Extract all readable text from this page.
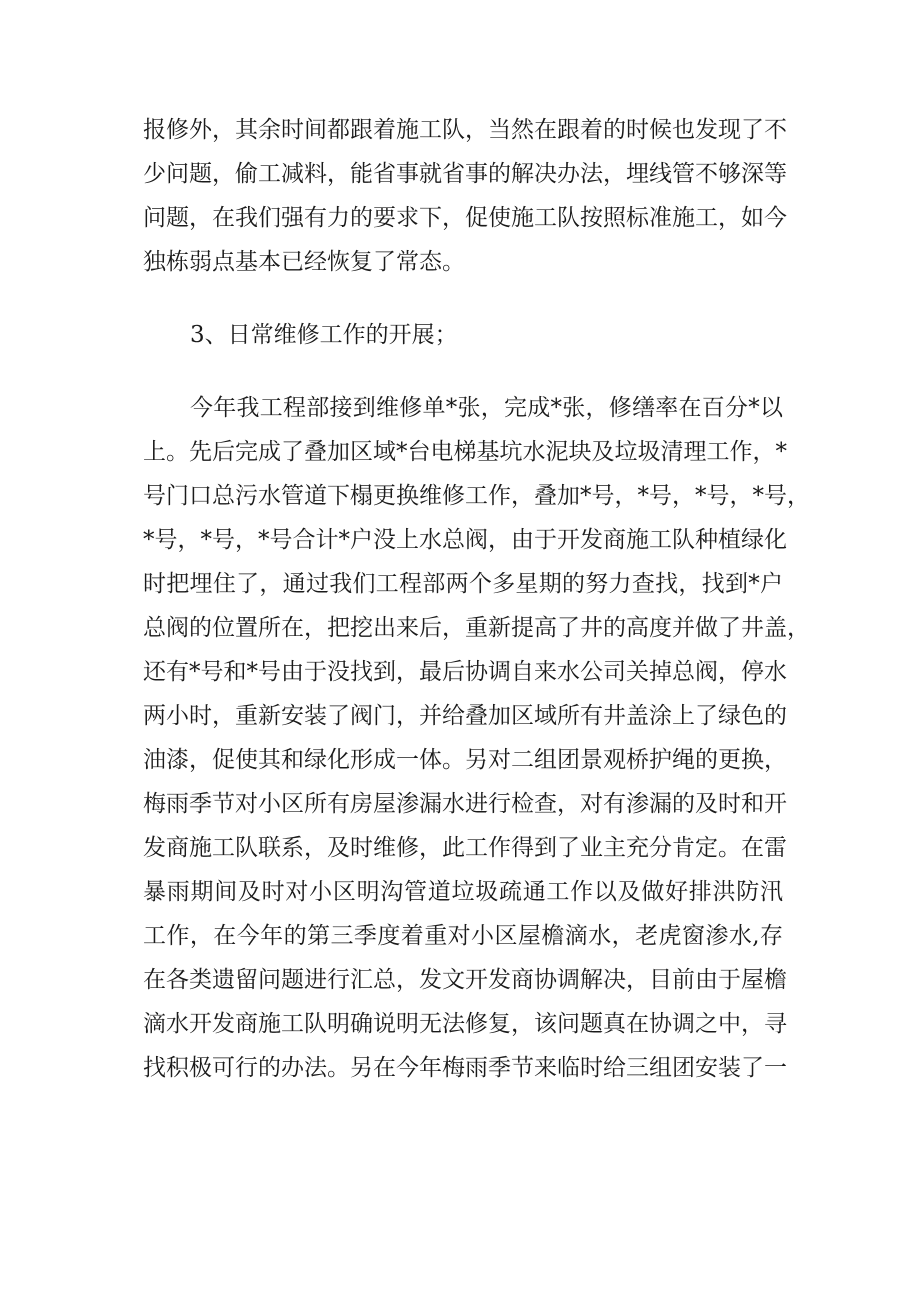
报修外，其余时间都跟着施工队，当然在跟着的时候也发现了不
少问题，偷工减料，能省事就省事的解决办法，埋线管不够深等
问题，在我们强有力的要求下，促使施工队按照标准施工，如今
独栋弱点基本已经恢复了常态。
3、日常维修工作的开展；
今年我工程部接到维修单*张，完成*张，修缮率在百分*以
上。先后完成了叠加区域*台电梯基坑水泥块及垃圾清理工作，*
号门口总污水管道下榻更换维修工作，叠加*号，*号，*号，*号，
*号，*号，*号合计*户没上水总阀，由于开发商施工队种植绿化
时把埋住了，通过我们工程部两个多星期的努力查找，找到*户
总阀的位置所在，把挖出来后，重新提高了井的高度并做了井盖，
还有*号和*号由于没找到，最后协调自来水公司关掉总阀，停水
两小时，重新安装了阀门，并给叠加区域所有井盖涂上了绿色的
油漆，促使其和绿化形成一体。另对二组团景观桥护绳的更换，
梅雨季节对小区所有房屋渗漏水进行检查，对有渗漏的及时和开
发商施工队联系，及时维修，此工作得到了业主充分肯定。在雷
暴雨期间及时对小区明沟管道垃圾疏通工作以及做好排洪防汛
工作，在今年的第三季度着重对小区屋檐滴水，老虎窗渗水,存
在各类遗留问题进行汇总，发文开发商协调解决，目前由于屋檐
滴水开发商施工队明确说明无法修复，该问题真在协调之中，寻
找积极可行的办法。另在今年梅雨季节来临时给三组团安装了一
